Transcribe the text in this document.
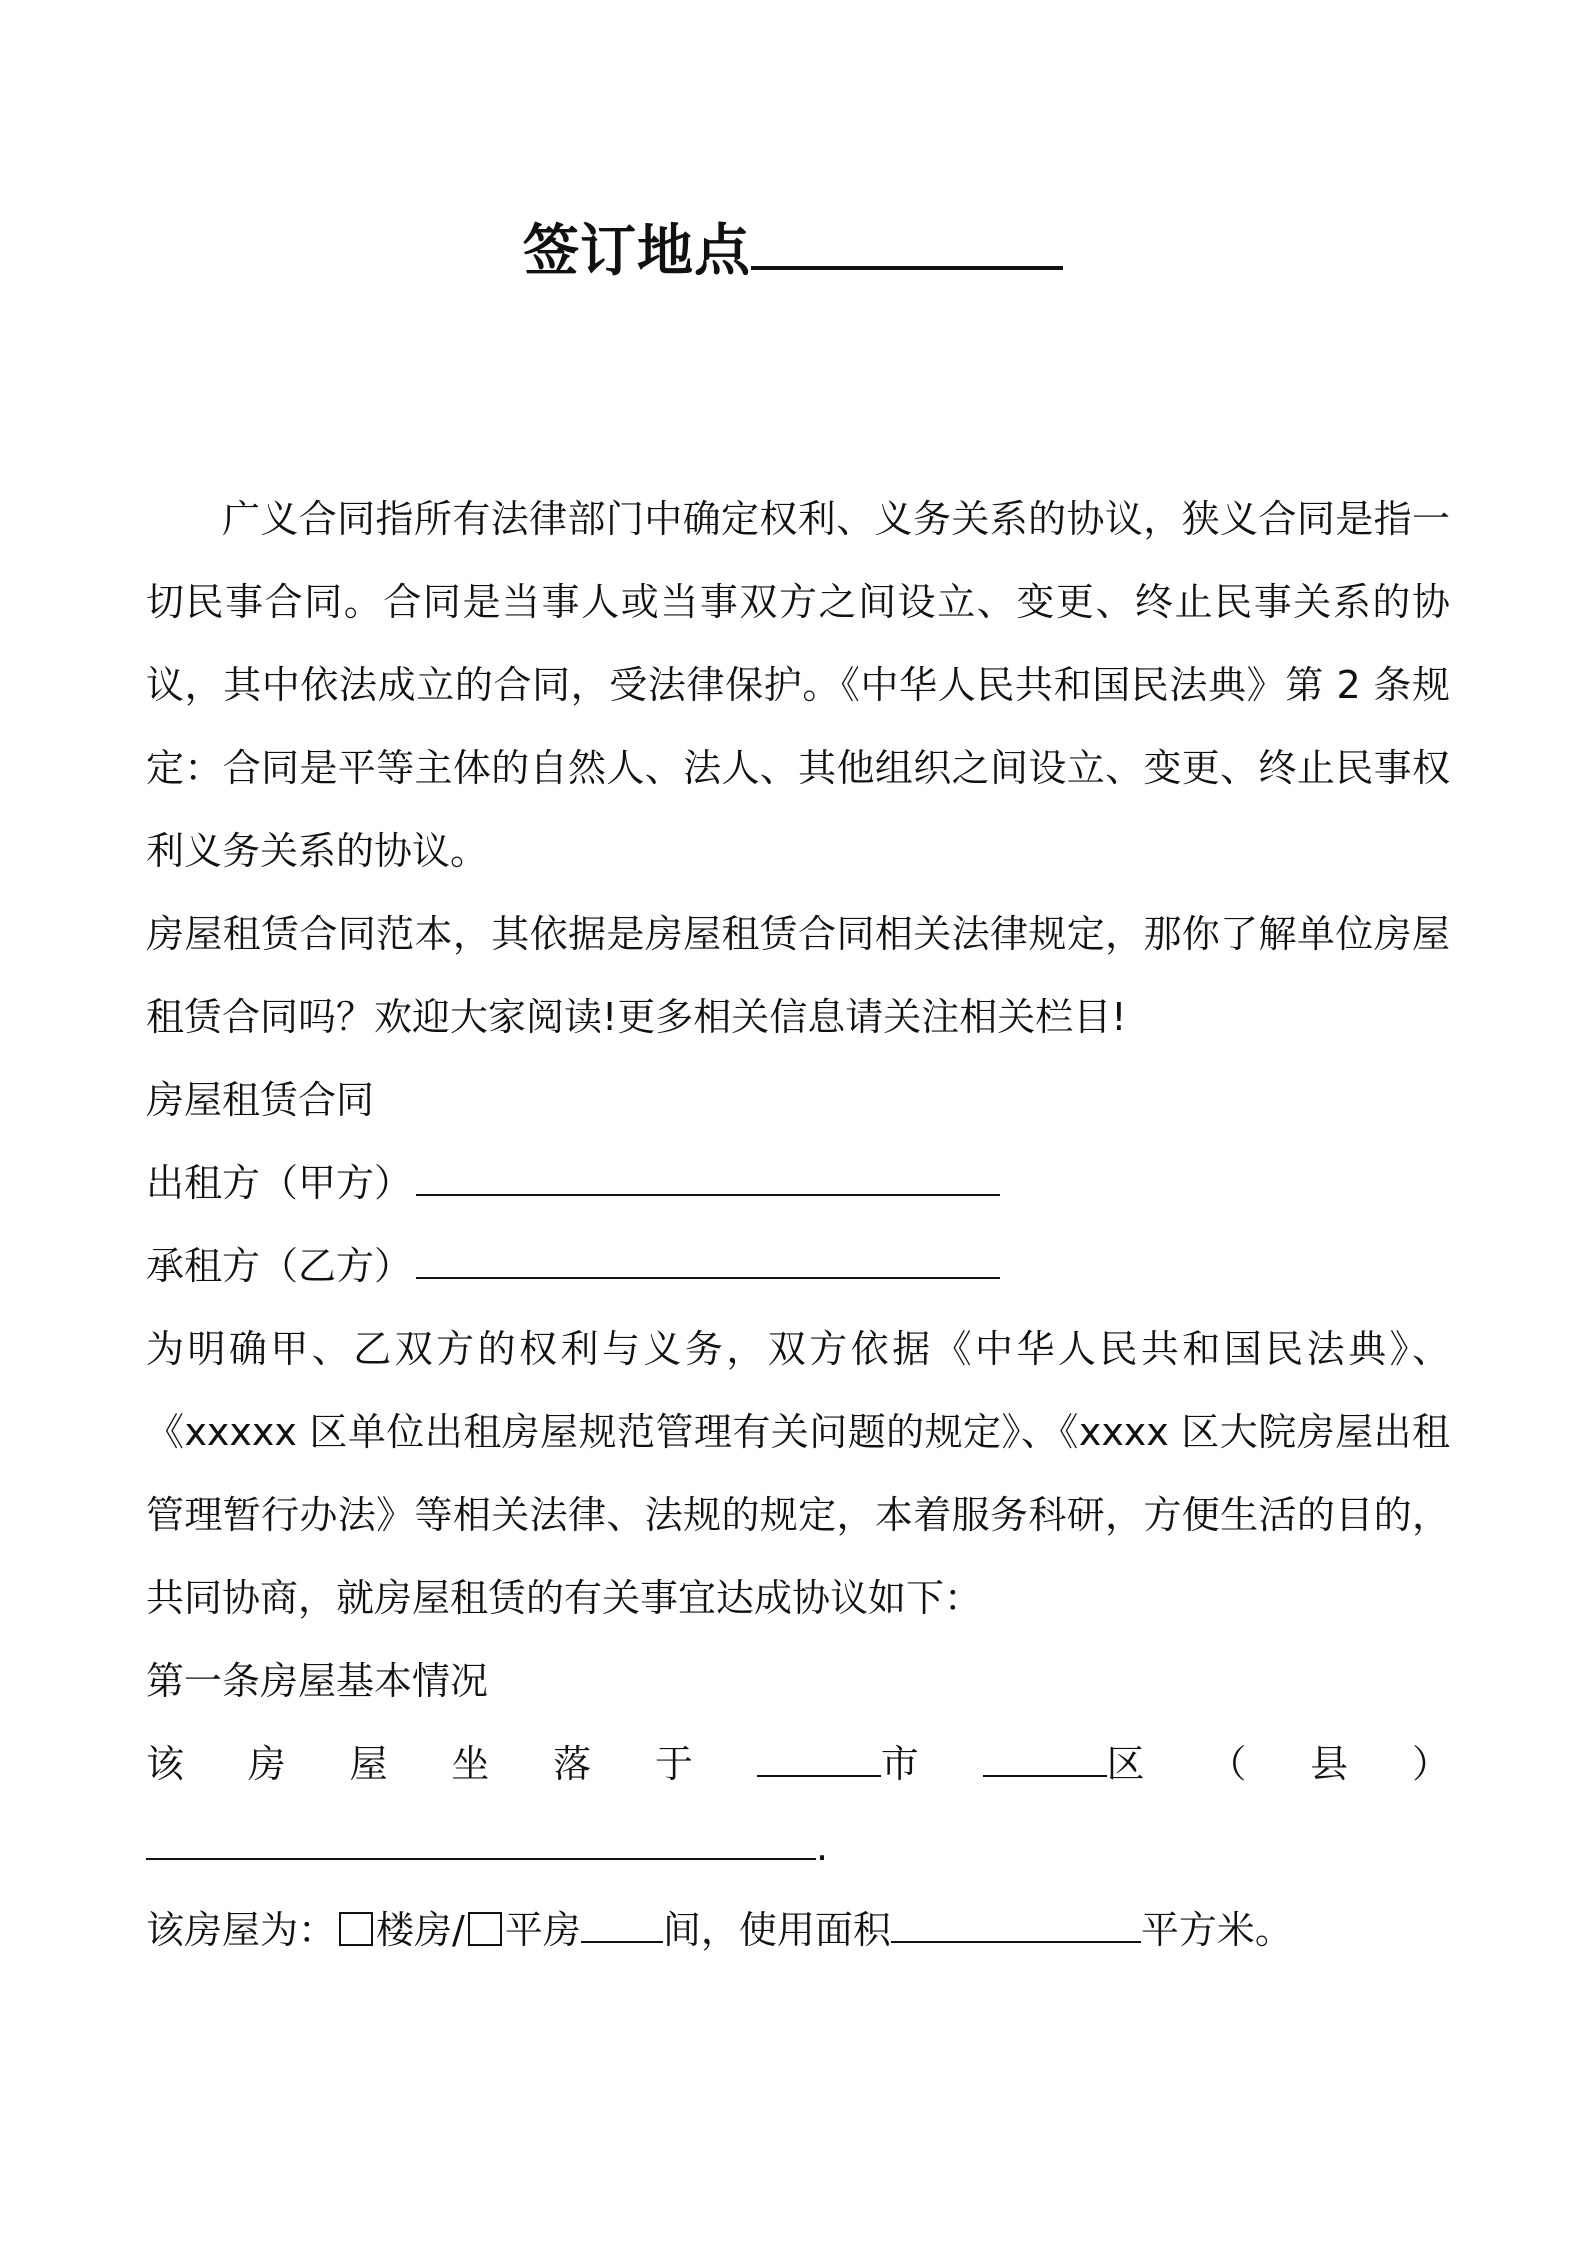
签订地点

广义合同指所有法律部门中确定权利、义务关系的协议，狭义合同是指一切民事合同。合同是当事人或当事双方之间设立、变更、终止民事关系的协议，其中依法成立的合同，受法律保护。《中华人民共和国民法典》第 2 条规定：合同是平等主体的自然人、法人、其他组织之间设立、变更、终止民事权利义务关系的协议。

房屋租赁合同范本，其依据是房屋租赁合同相关法律规定，那你了解单位房屋租赁合同吗？欢迎大家阅读!更多相关信息请关注相关栏目!

房屋租赁合同

出租方（甲方）

承租方（乙方）

为明确甲、乙双方的权利与义务，双方依据《中华人民共和国民法典》、《xxxxx 区单位出租房屋规范管理有关问题的规定》、《xxxx 区大院房屋出租管理暂行办法》等相关法律、法规的规定，本着服务科研，方便生活的目的，共同协商，就房屋租赁的有关事宜达成协议如下：

第一条房屋基本情况

该 房 屋 坐 落 于	市	区 （ 县 ）

.

该房屋为： 楼房/ 平房 间，使用面积	平方米。
